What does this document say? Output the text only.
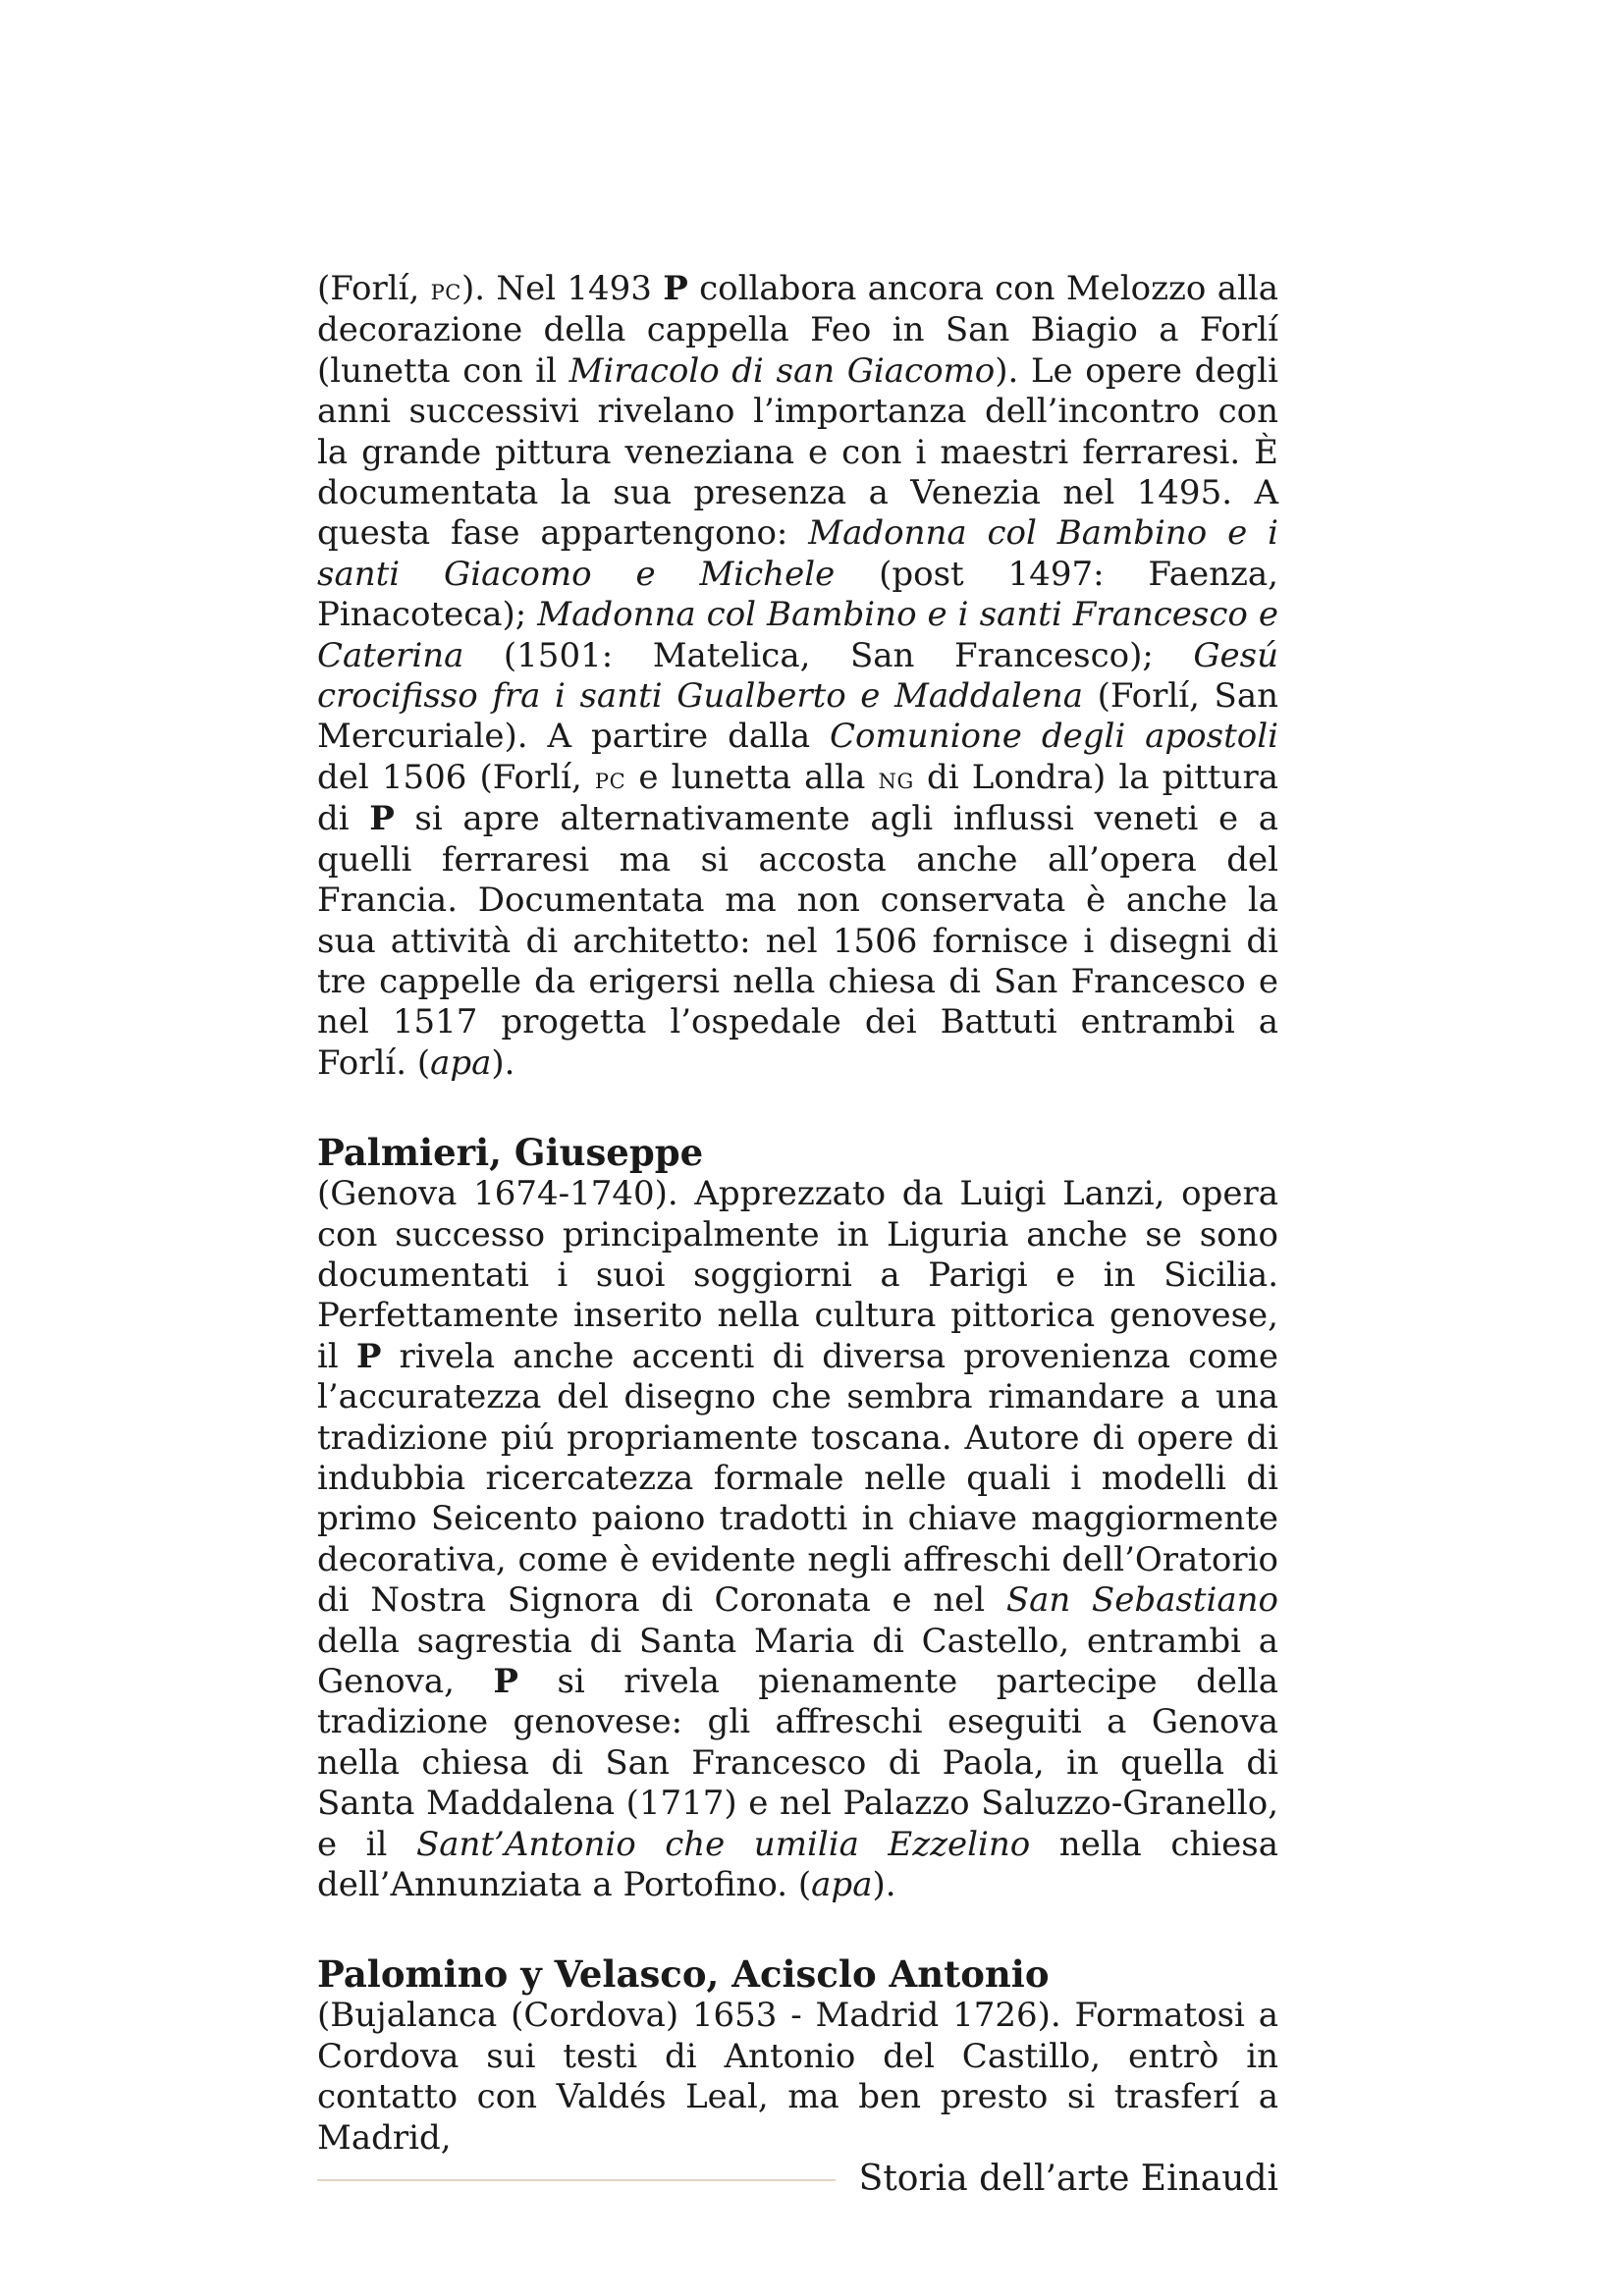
(Forlí, pc). Nel 1493 P collabora ancora con Melozzo alla decorazione della cappella Feo in San Biagio a Forlí (lunetta con il Miracolo di san Giacomo). Le opere degli anni successivi rivelano l’importanza dell’incontro con la grande pittura veneziana e con i maestri ferraresi. È documentata la sua presenza a Venezia nel 1495. A questa fase appartengono: Madonna col Bambino e i santi Giacomo e Michele (post 1497: Faenza, Pinacoteca); Madonna col Bambino e i santi Francesco e Caterina (1501: Matelica, San Francesco); Gesú crocifisso fra i santi Gualberto e Maddalena (Forlí, San Mercuriale). A partire dalla Comunione degli apostoli del 1506 (Forlí, pc e lunetta alla ng di Londra) la pittura di P si apre alternativamente agli influssi veneti e a quelli ferraresi ma si accosta anche all’opera del Francia. Documentata ma non conservata è anche la sua attività di architetto: nel 1506 fornisce i disegni di tre cappelle da erigersi nella chiesa di San Francesco e nel 1517 progetta l’ospedale dei Battuti entrambi a Forlí. (apa).

Palmieri, Giuseppe

(Genova 1674-1740). Apprezzato da Luigi Lanzi, opera con successo principalmente in Liguria anche se sono documentati i suoi soggiorni a Parigi e in Sicilia. Perfettamente inserito nella cultura pittorica genovese, il P rivela anche accenti di diversa provenienza come l’accuratezza del disegno che sembra rimandare a una tradizione piú propriamente toscana. Autore di opere di indubbia ricercatezza formale nelle quali i modelli di primo Seicento paiono tradotti in chiave maggiormente decorativa, come è evidente negli affreschi dell’Oratorio di Nostra Signora di Coronata e nel San Sebastiano della sagrestia di Santa Maria di Castello, entrambi a Genova, P si rivela pienamente partecipe della tradizione genovese: gli affreschi eseguiti a Genova nella chiesa di San Francesco di Paola, in quella di Santa Maddalena (1717) e nel Palazzo Saluzzo-Granello, e il Sant’Antonio che umilia Ezzelino nella chiesa dell’Annunziata a Portofino. (apa).

Palomino y Velasco, Acisclo Antonio

(Bujalanca (Cordova) 1653 - Madrid 1726). Formatosi a Cordova sui testi di Antonio del Castillo, entrò in contatto con Valdés Leal, ma ben presto si trasferí a Madrid,

Storia dell’arte Einaudi
